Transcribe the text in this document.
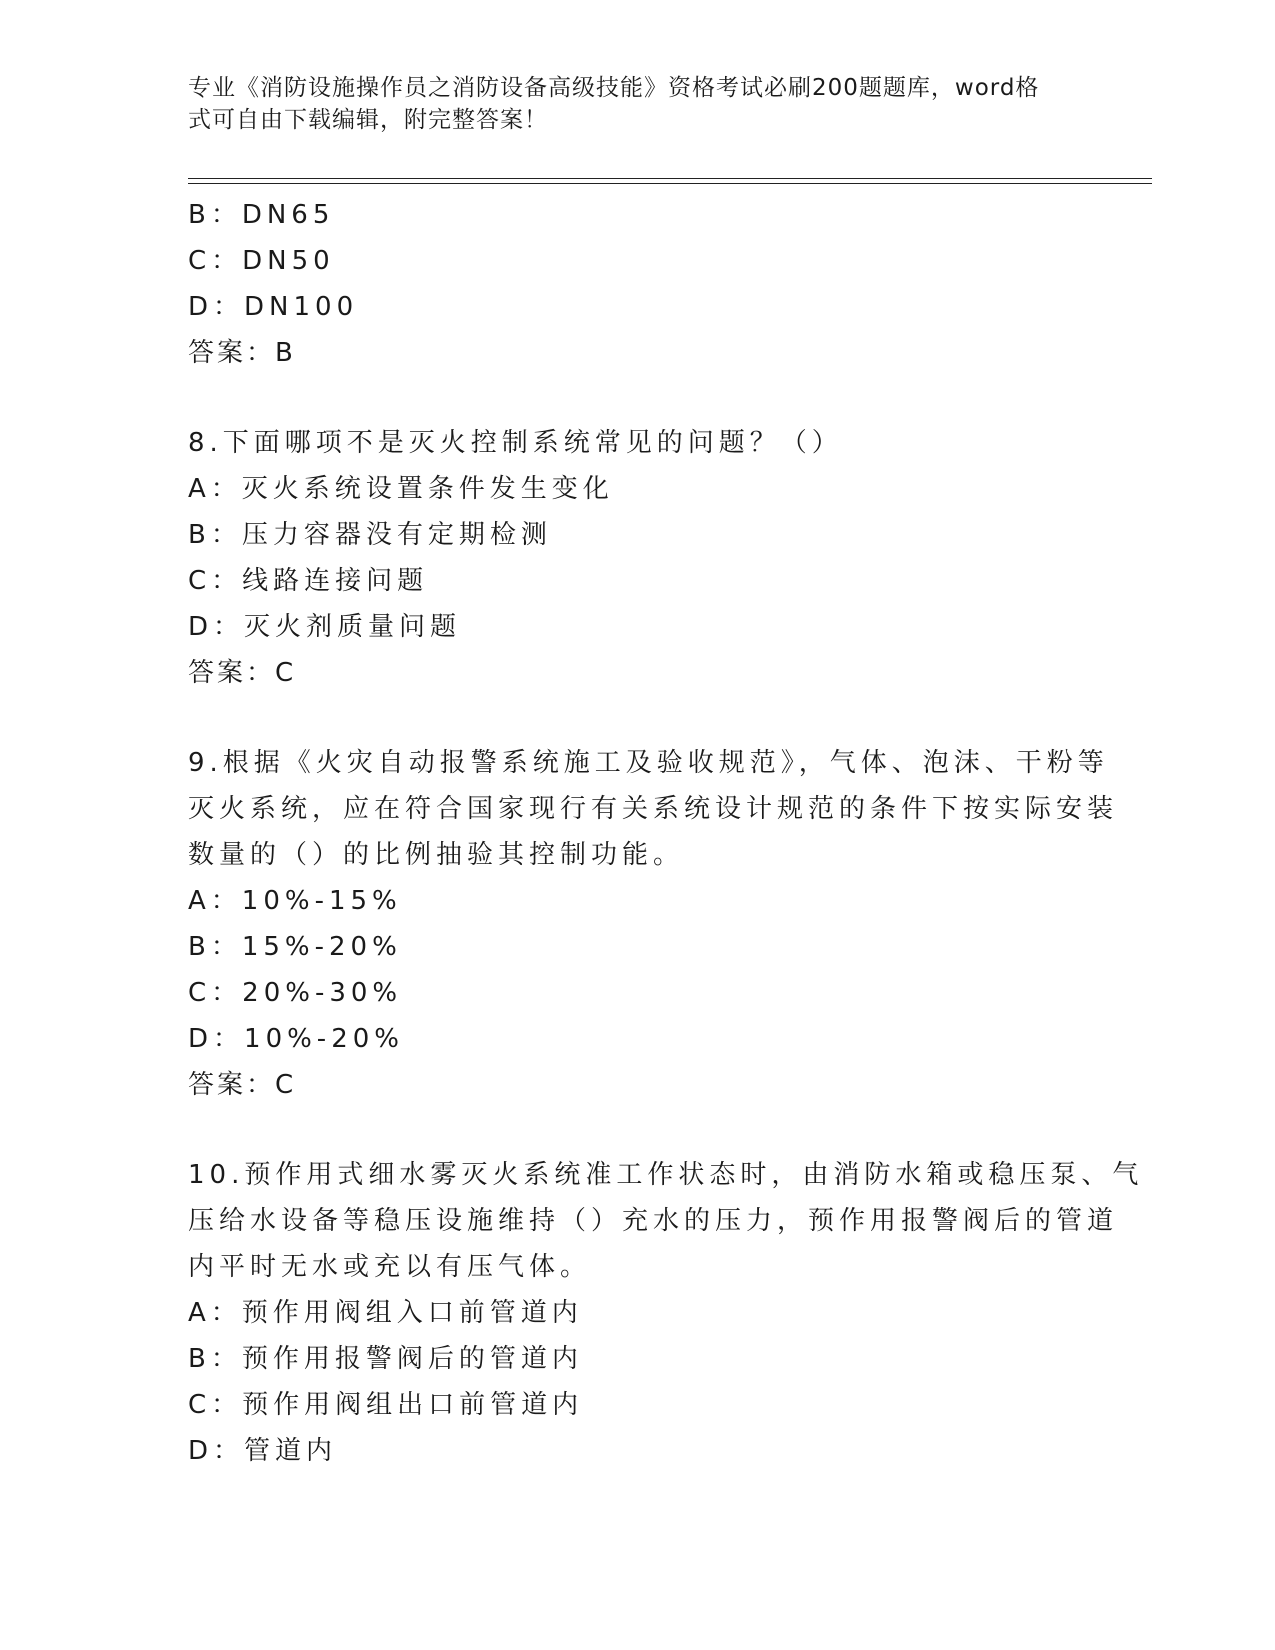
专业《消防设施操作员之消防设备高级技能》资格考试必刷200题题库，word格
式可自由下载编辑，附完整答案！
B：DN65
C：DN50
D：DN100
答案：B
8.下面哪项不是灭火控制系统常见的问题？（）
A：灭火系统设置条件发生变化
B：压力容器没有定期检测
C：线路连接问题
D：灭火剂质量问题
答案：C
9.根据《火灾自动报警系统施工及验收规范》，气体、泡沫、干粉等
灭火系统，应在符合国家现行有关系统设计规范的条件下按实际安装
数量的（）的比例抽验其控制功能。
A：10%-15%
B：15%-20%
C：20%-30%
D：10%-20%
答案：C
10.预作用式细水雾灭火系统准工作状态时，由消防水箱或稳压泵、气
压给水设备等稳压设施维持（）充水的压力，预作用报警阀后的管道
内平时无水或充以有压气体。
A：预作用阀组入口前管道内
B：预作用报警阀后的管道内
C：预作用阀组出口前管道内
D：管道内
